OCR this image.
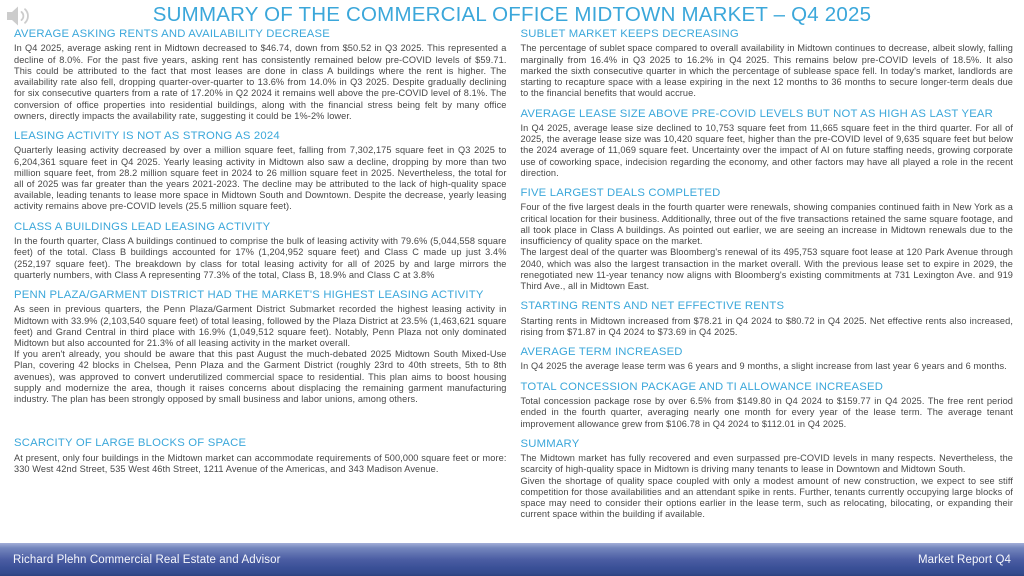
SUMMARY OF THE COMMERCIAL OFFICE MIDTOWN MARKET – Q4 2025
AVERAGE ASKING RENTS AND AVAILABILITY DECREASE

In Q4 2025, average asking rent in Midtown decreased to $46.74, down from $50.52 in Q3 2025. This represented a decline of 8.0%. For the past five years, asking rent has consistently remained below pre-COVID levels of $59.71. This could be attributed to the fact that most leases are done in class A buildings where the rent is higher. The availability rate also fell, dropping quarter-over-quarter to 13.6% from 14.0% in Q3 2025. Despite gradually declining for six consecutive quarters from a rate of 17.20% in Q2 2024 it remains well above the pre-COVID level of 8.1%. The conversion of office properties into residential buildings, along with the financial stress being felt by many office owners, directly impacts the availability rate, suggesting it could be 1%-2% lower.

LEASING ACTIVITY IS NOT AS STRONG AS 2024

Quarterly leasing activity decreased by over a million square feet, falling from 7,302,175 square feet in Q3 2025 to 6,204,361 square feet in Q4 2025. Yearly leasing activity in Midtown also saw a decline, dropping by more than two million square feet, from 28.2 million square feet in 2024 to 26 million square feet in 2025. Nevertheless, the total for all of 2025 was far greater than the years 2021-2023. The decline may be attributed to the lack of high-quality space available, leading tenants to lease more space in Midtown South and Downtown. Despite the decrease, yearly leasing activity remains above pre-COVID levels (25.5 million square feet).

CLASS A BUILDINGS LEAD LEASING ACTIVITY

In the fourth quarter, Class A buildings continued to comprise the bulk of leasing activity with 79.6% (5,044,558 square feet) of the total. Class B buildings accounted for 17% (1,204,952 square feet) and Class C made up just 3.4% (252,197 square feet). The breakdown by class for total leasing activity for all of 2025 by and large mirrors the quarterly numbers, with Class A representing 77.3% of the total, Class B, 18.9% and Class C at 3.8%

PENN PLAZA/GARMENT DISTRICT HAD THE MARKET'S HIGHEST LEASING ACTIVITY

As seen in previous quarters, the Penn Plaza/Garment District Submarket recorded the highest leasing activity in Midtown with 33.9% (2,103,540 square feet) of total leasing, followed by the Plaza District at 23.5% (1,463,621 square feet) and Grand Central in third place with 16.9% (1,049,512 square feet). Notably, Penn Plaza not only dominated Midtown but also accounted for 21.3% of all leasing activity in the market overall.

If you aren't already, you should be aware that this past August the much-debated 2025 Midtown South Mixed-Use Plan, covering 42 blocks in Chelsea, Penn Plaza and the Garment District (roughly 23rd to 40th streets, 5th to 8th avenues), was approved to convert underutilized commercial space to residential. This plan aims to boost housing supply and modernize the area, though it raises concerns about displacing the remaining garment manufacturing industry. The plan has been strongly opposed by small business and labor unions, among others.

SCARCITY OF LARGE BLOCKS OF SPACE

At present, only four buildings in the Midtown market can accommodate requirements of 500,000 square feet or more: 330 West 42nd Street, 535 West 46th Street, 1211 Avenue of the Americas, and 343 Madison Avenue.

SUBLET MARKET KEEPS DECREASING

The percentage of sublet space compared to overall availability in Midtown continues to decrease, albeit slowly, falling marginally from 16.4% in Q3 2025 to 16.2% in Q4 2025. This remains below pre-COVID levels of 18.5%. It also marked the sixth consecutive quarter in which the percentage of sublease space fell. In today's market, landlords are starting to recapture space with a lease expiring in the next 12 months to 36 months to secure longer-term deals due to the financial benefits that would accrue.

AVERAGE LEASE SIZE ABOVE PRE-COVID LEVELS BUT NOT AS HIGH AS LAST YEAR

In Q4 2025, average lease size declined to 10,753 square feet from 11,665 square feet in the third quarter. For all of 2025, the average lease size was 10,420 square feet, higher than the pre-COVID level of 9,635 square feet but below the 2024 average of 11,069 square feet. Uncertainty over the impact of AI on future staffing needs, growing corporate use of coworking space, indecision regarding the economy, and other factors may have all played a role in the recent direction.

FIVE LARGEST DEALS COMPLETED

Four of the five largest deals in the fourth quarter were renewals, showing companies continued faith in New York as a critical location for their business. Additionally, three out of the five transactions retained the same square footage, and all took place in Class A buildings. As pointed out earlier, we are seeing an increase in Midtown renewals due to the insufficiency of quality space on the market.

The largest deal of the quarter was Bloomberg's renewal of its 495,753 square foot lease at 120 Park Avenue through 2040, which was also the largest transaction in the market overall. With the previous lease set to expire in 2029, the renegotiated new 11-year tenancy now aligns with Bloomberg's existing commitments at 731 Lexington Ave. and 919 Third Ave., all in Midtown East.

STARTING RENTS AND NET EFFECTIVE RENTS

Starting rents in Midtown increased from $78.21 in Q4 2024 to $80.72 in Q4 2025. Net effective rents also increased, rising from $71.87 in Q4 2024 to $73.69 in Q4 2025.

AVERAGE TERM INCREASED

In Q4 2025 the average lease term was 6 years and 9 months, a slight increase from last year 6 years and 6 months.

TOTAL CONCESSION PACKAGE AND TI ALLOWANCE INCREASED

Total concession package rose by over 6.5% from $149.80 in Q4 2024 to $159.77 in Q4 2025. The free rent period ended in the fourth quarter, averaging nearly one month for every year of the lease term. The average tenant improvement allowance grew from $106.78 in Q4 2024 to $112.01 in Q4 2025.

SUMMARY

The Midtown market has fully recovered and even surpassed pre-COVID levels in many respects. Nevertheless, the scarcity of high-quality space in Midtown is driving many tenants to lease in Downtown and Midtown South.

Given the shortage of quality space coupled with only a modest amount of new construction, we expect to see stiff competition for those availabilities and an attendant spike in rents. Further, tenants currently occupying large blocks of space may need to consider their options earlier in the lease term, such as relocating, bilocating, or expanding their current space within the building if available.

Richard Plehn Commercial Real Estate and Advisor	Market Report Q4
